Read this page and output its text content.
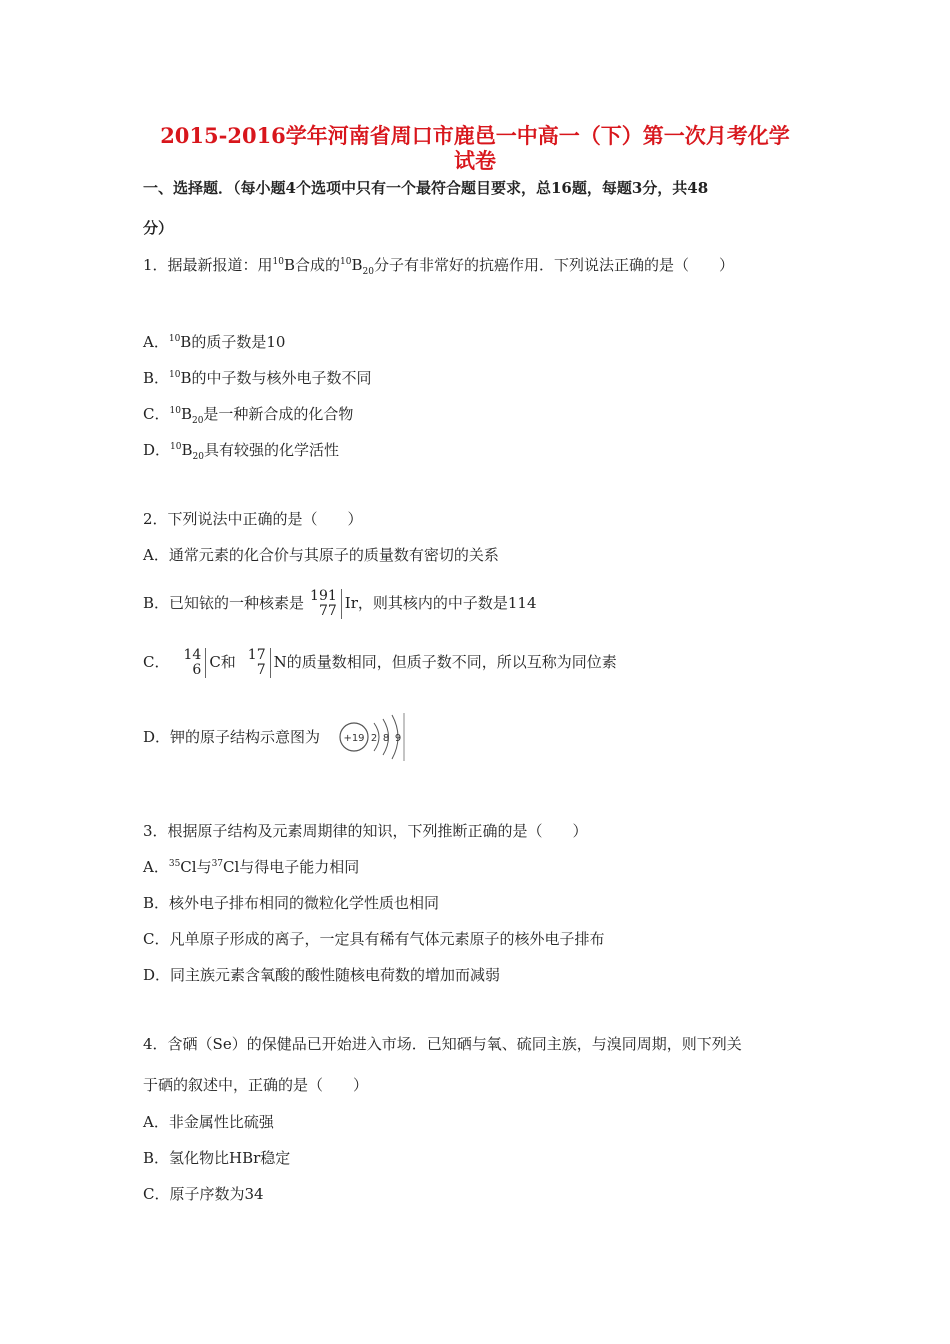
2015-2016学年河南省周口市鹿邑一中高一（下）第一次月考化学
试卷
一、选择题．（每小题4个选项中只有一个最符合题目要求，总16题，每题3分，共48
分）
1．据最新报道：用$^{10}$B合成的$^{10}B_{20}$分子有非常好的抗癌作用．下列说法正确的是（　　）
A．$^{10}$B的质子数是10
B．$^{10}$B的中子数与核外电子数不同
C．$^{10}B_{20}$是一种新合成的化合物
D．$^{10}B_{20}$具有较强的化学活性
2．下列说法中正确的是（　　）
A．通常元素的化合价与其原子的质量数有密切的关系
B．已知铱的一种核素是 191
77 Ir，则其核内的中子数是114
C． 14
6 C和 17
7 N的质量数相同，但质子数不同，所以互称为同位素
D．钾的原子结构示意图为 +19 2 8 9
3．根据原子结构及元素周期律的知识，下列推断正确的是（　　）
A．$^{35}$Cl与$^{37}$Cl与得电子能力相同
B．核外电子排布相同的微粒化学性质也相同
C．凡单原子形成的离子，一定具有稀有气体元素原子的核外电子排布
D．同主族元素含氧酸的酸性随核电荷数的增加而减弱
4．含硒（Se）的保健品已开始进入市场．已知硒与氧、硫同主族，与溴同周期，则下列关
于硒的叙述中，正确的是（　　）
A．非金属性比硫强
B．氢化物比HBr稳定
C．原子序数为34
